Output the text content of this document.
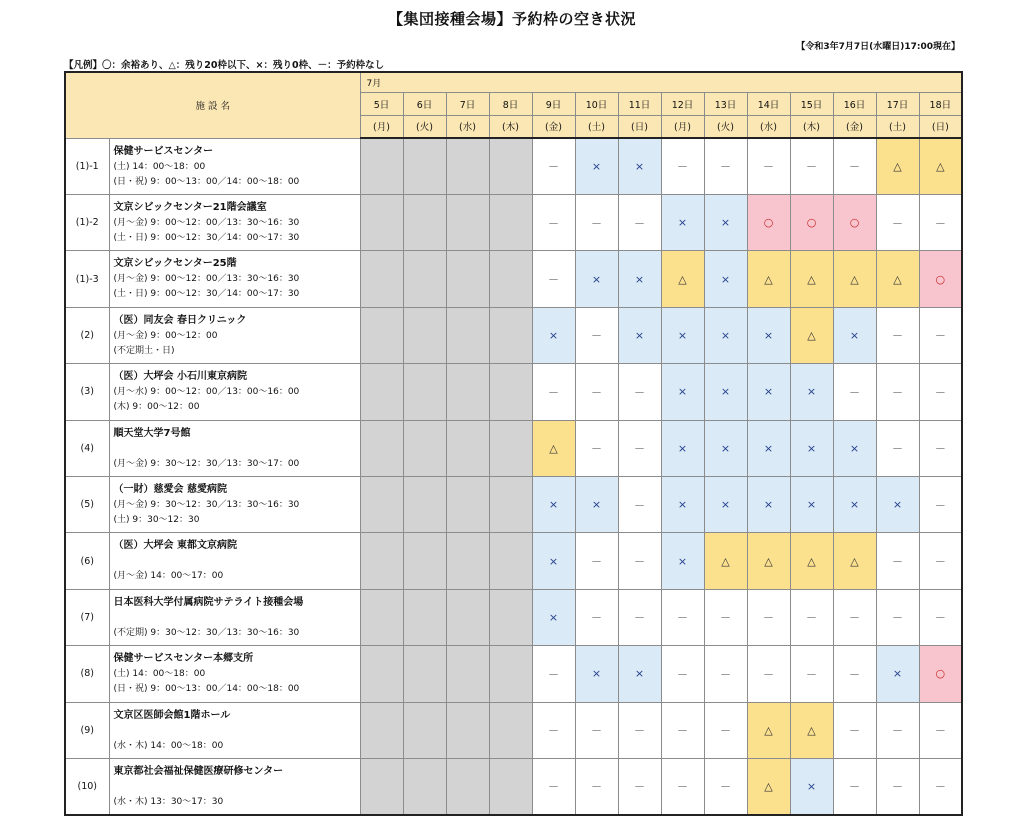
【集団接種会場】予約枠の空き状況
【令和3年7月7日(水曜日)17:00現在】
【凡例】〇：余裕あり、△：残り20枠以下、×：残り0枠、－：予約枠なし
施 設 名		7月													
		5日	6日	7日	8日	9日	10日	11日	12日	13日	14日	15日	16日	17日	18日
		(月)	(火)	(水)	(木)	(金)	(土)	(日)	(月)	(火)	(水)	(木)	(金)	(土)	(日)
(1)-1	保健サービスセンター
(土) 14：00～18：00
(日・祝) 9：00～13：00／14：00～18：00					－	×	×	－	－	－	－	－	△	△
(1)-2	文京シビックセンター21階会議室
(月～金) 9：00～12：00／13：30～16：30
(土・日) 9：00～12：30／14：00～17：30					－	－	－	×	×	○	○	○	－	－
(1)-3	文京シビックセンター25階
(月～金) 9：00～12：00／13：30～16：30
(土・日) 9：00～12：30／14：00～17：30					－	×	×	△	×	△	△	△	△	○
(2)	（医）同友会 春日クリニック
(月～金) 9：00～12：00
(不定期土・日)					×	－	×	×	×	×	△	×	－	－
(3)	（医）大坪会 小石川東京病院
(月～水) 9：00～12：00／13：00～16：00
(木) 9：00～12：00					－	－	－	×	×	×	×	－	－	－
(4)	順天堂大学7号館

(月～金) 9：30～12：30／13：30～17：00					△	－	－	×	×	×	×	×	－	－
(5)	（一財）慈愛会 慈愛病院
(月～金) 9：30～12：30／13：30～16：30
(土) 9：30～12：30					×	×	－	×	×	×	×	×	×	－
(6)	（医）大坪会 東都文京病院

(月～金) 14：00～17：00					×	－	－	×	△	△	△	△	－	－
(7)	日本医科大学付属病院サテライト接種会場

(不定期) 9：30～12：30／13：30～16：30					×	－	－	－	－	－	－	－	－	－
(8)	保健サービスセンター本郷支所
(土) 14：00～18：00
(日・祝) 9：00～13：00／14：00～18：00					－	×	×	－	－	－	－	－	×	○
(9)	文京区医師会館1階ホール

(水・木) 14：00～18：00					－	－	－	－	－	△	△	－	－	－
(10)	東京都社会福祉保健医療研修センター

(水・木) 13：30～17：30					－	－	－	－	－	△	×	－	－	－
